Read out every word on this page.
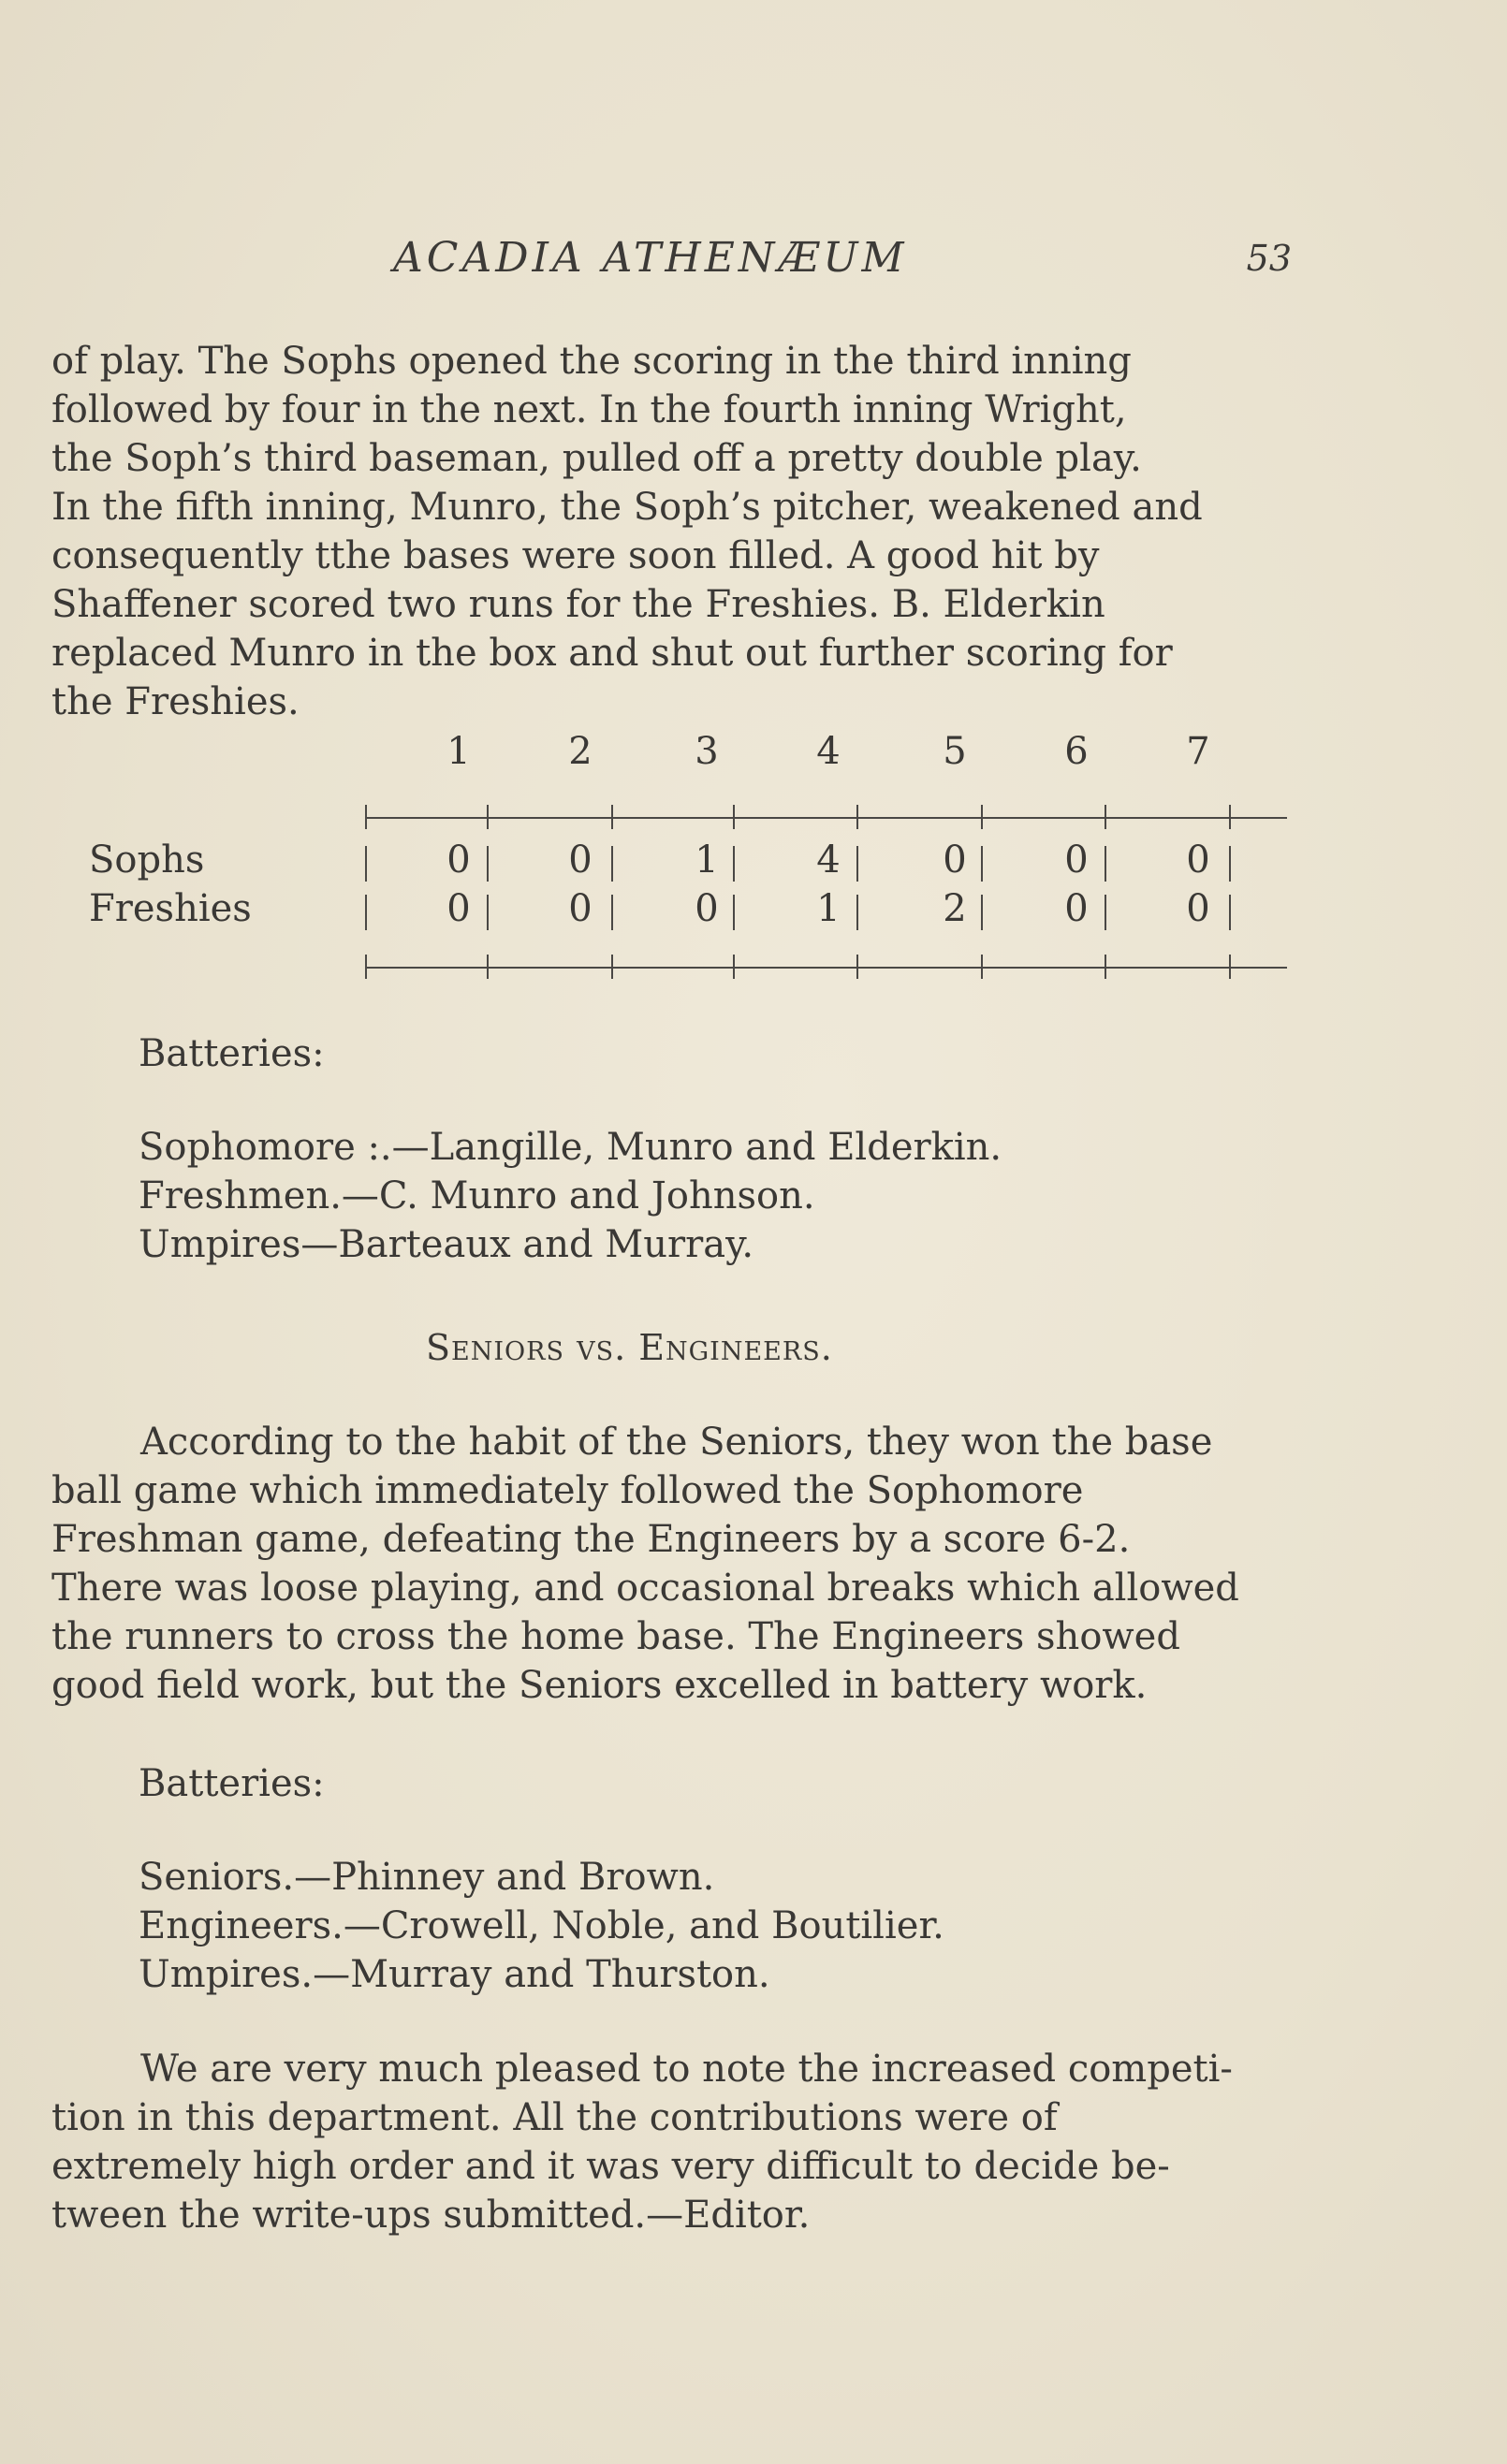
ACADIA ATHENÆUM	53
of play. The Sophs opened the scoring in the third inning
followed by four in the next. In the fourth inning Wright,
the Soph’s third baseman, pulled off a pretty double play.
In the fifth inning, Munro, the Soph’s pitcher, weakened and
consequently tthe bases were soon filled. A good hit by
Shaffener scored two runs for the Freshies. B. Elderkin
replaced Munro in the box and shut out further scoring for
the Freshies.
1	2	3	4	5	6	7
Sophs	0	0	1	4	0	0	0
Freshies	0	0	0	1	2	0	0
Batteries:
Sophomore :.—Langille, Munro and Elderkin.
Freshmen.—C. Munro and Johnson.
Umpires—Barteaux and Murray.
Seniors vs. Engineers.
According to the habit of the Seniors, they won the base
ball game which immediately followed the Sophomore
Freshman game, defeating the Engineers by a score 6-2.
There was loose playing, and occasional breaks which allowed
the runners to cross the home base. The Engineers showed
good field work, but the Seniors excelled in battery work.
Batteries:
Seniors.—Phinney and Brown.
Engineers.—Crowell, Noble, and Boutilier.
Umpires.—Murray and Thurston.
We are very much pleased to note the increased competi-
tion in this department. All the contributions were of
extremely high order and it was very difficult to decide be-
tween the write-ups submitted.—Editor.
